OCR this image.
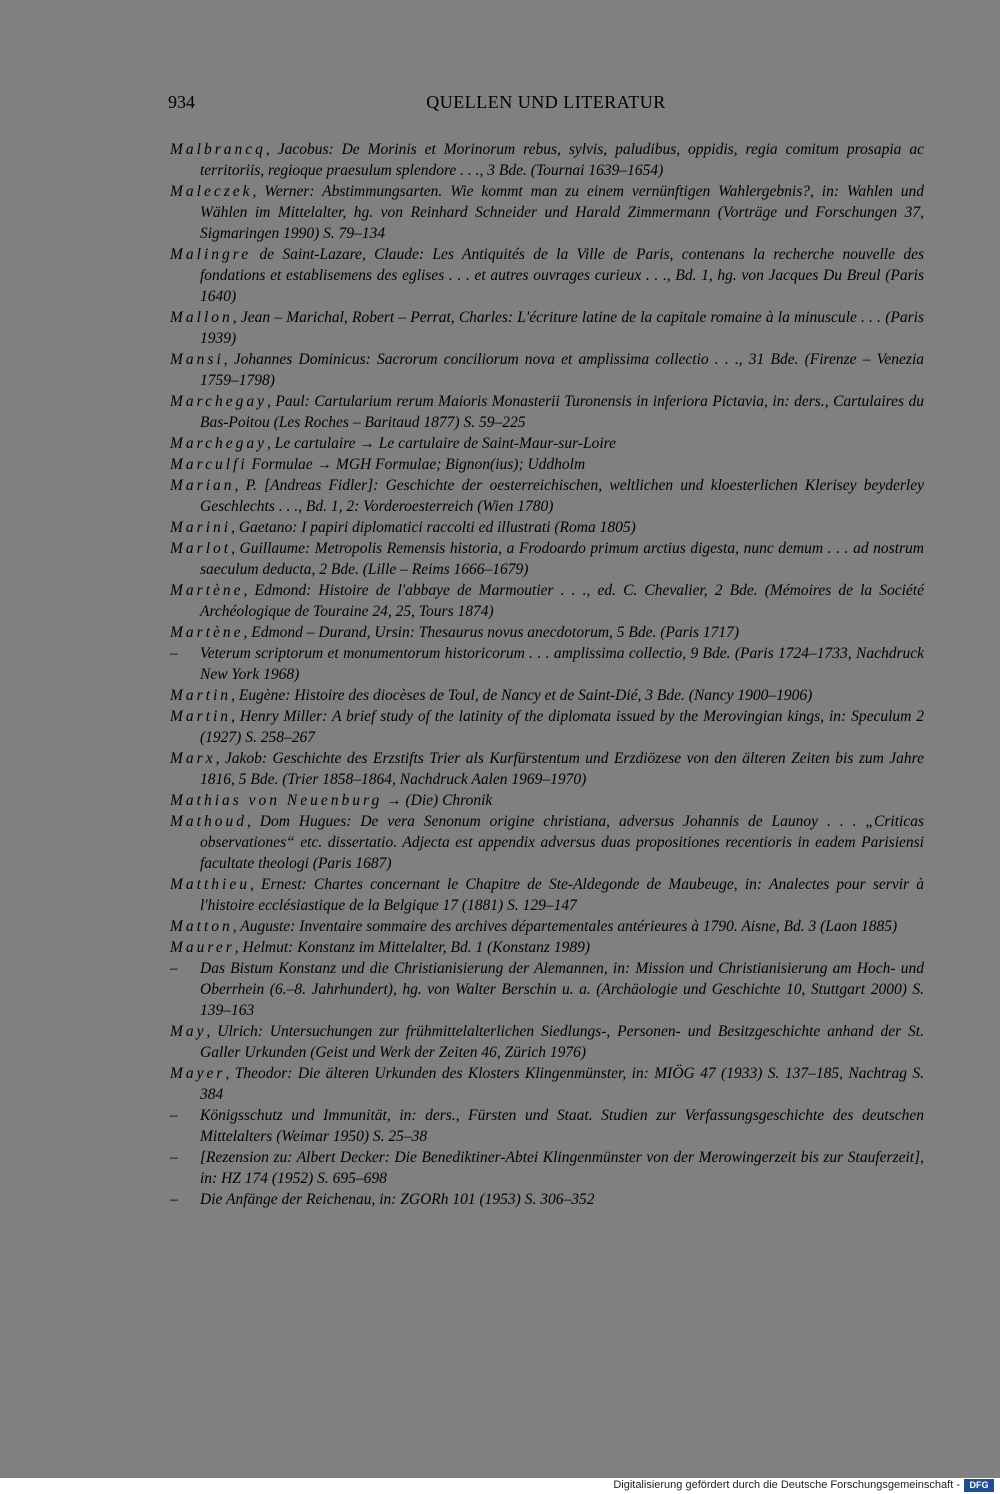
934	QUELLEN UND LITERATUR
Malbrancq, Jacobus: De Morinis et Morinorum rebus, sylvis, paludibus, oppidis, regia comitum prosapia ac territoriis, regioque praesulum splendore . . ., 3 Bde. (Tournai 1639–1654)
Maleczek, Werner: Abstimmungsarten. Wie kommt man zu einem vernünftigen Wahlergebnis?, in: Wahlen und Wählen im Mittelalter, hg. von Reinhard Schneider und Harald Zimmermann (Vorträge und Forschungen 37, Sigmaringen 1990) S. 79–134
Malingre de Saint-Lazare, Claude: Les Antiquités de la Ville de Paris, contenans la recherche nouvelle des fondations et establisemens des eglises . . . et autres ouvrages curieux . . ., Bd. 1, hg. von Jacques Du Breul (Paris 1640)
Mallon, Jean – Marichal, Robert – Perrat, Charles: L'écriture latine de la capitale romaine à la minuscule . . . (Paris 1939)
Mansi, Johannes Dominicus: Sacrorum conciliorum nova et amplissima collectio . . ., 31 Bde. (Firenze – Venezia 1759–1798)
Marchegay, Paul: Cartularium rerum Maioris Monasterii Turonensis in inferiora Pictavia, in: ders., Cartulaires du Bas-Poitou (Les Roches – Baritaud 1877) S. 59–225
Marchegay, Le cartulaire → Le cartulaire de Saint-Maur-sur-Loire
Marculfi Formulae → MGH Formulae; Bignon(ius); Uddholm
Marian, P. [Andreas Fidler]: Geschichte der oesterreichischen, weltlichen und kloesterlichen Klerisey beyderley Geschlechts . . ., Bd. 1, 2: Vorderoesterreich (Wien 1780)
Marini, Gaetano: I papiri diplomatici raccolti ed illustrati (Roma 1805)
Marlot, Guillaume: Metropolis Remensis historia, a Frodoardo primum arctius digesta, nunc demum . . . ad nostrum saeculum deducta, 2 Bde. (Lille – Reims 1666–1679)
Martène, Edmond: Histoire de l'abbaye de Marmoutier . . ., ed. C. Chevalier, 2 Bde. (Mémoires de la Société Archéologique de Touraine 24, 25, Tours 1874)
Martène, Edmond – Durand, Ursin: Thesaurus novus anecdotorum, 5 Bde. (Paris 1717)
– Veterum scriptorum et monumentorum historicorum . . . amplissima collectio, 9 Bde. (Paris 1724–1733, Nachdruck New York 1968)
Martin, Eugène: Histoire des diocèses de Toul, de Nancy et de Saint-Dié, 3 Bde. (Nancy 1900–1906)
Martin, Henry Miller: A brief study of the latinity of the diplomata issued by the Merovingian kings, in: Speculum 2 (1927) S. 258–267
Marx, Jakob: Geschichte des Erzstifts Trier als Kurfürstentum und Erzdiözese von den älteren Zeiten bis zum Jahre 1816, 5 Bde. (Trier 1858–1864, Nachdruck Aalen 1969–1970)
Mathias von Neuenburg → (Die) Chronik
Mathoud, Dom Hugues: De vera Senonum origine christiana, adversus Johannis de Launoy . . . „Criticas observationes“ etc. dissertatio. Adjecta est appendix adversus duas propositiones recentioris in eadem Parisiensi facultate theologi (Paris 1687)
Matthieu, Ernest: Chartes concernant le Chapitre de Ste-Aldegonde de Maubeuge, in: Analectes pour servir à l'histoire ecclésiastique de la Belgique 17 (1881) S. 129–147
Matton, Auguste: Inventaire sommaire des archives départementales antérieures à 1790. Aisne, Bd. 3 (Laon 1885)
Maurer, Helmut: Konstanz im Mittelalter, Bd. 1 (Konstanz 1989)
– Das Bistum Konstanz und die Christianisierung der Alemannen, in: Mission und Christianisierung am Hoch- und Oberrhein (6.–8. Jahrhundert), hg. von Walter Berschin u. a. (Archäologie und Geschichte 10, Stuttgart 2000) S. 139–163
May, Ulrich: Untersuchungen zur frühmittelalterlichen Siedlungs-, Personen- und Besitzgeschichte anhand der St. Galler Urkunden (Geist und Werk der Zeiten 46, Zürich 1976)
Mayer, Theodor: Die älteren Urkunden des Klosters Klingenmünster, in: MIÖG 47 (1933) S. 137–185, Nachtrag S. 384
– Königsschutz und Immunität, in: ders., Fürsten und Staat. Studien zur Verfassungsgeschichte des deutschen Mittelalters (Weimar 1950) S. 25–38
– [Rezension zu: Albert Decker: Die Benediktiner-Abtei Klingenmünster von der Merowingerzeit bis zur Stauferzeit], in: HZ 174 (1952) S. 695–698
– Die Anfänge der Reichenau, in: ZGORh 101 (1953) S. 306–352
Digitalisierung gefördert durch die Deutsche Forschungsgemeinschaft -	DFG
